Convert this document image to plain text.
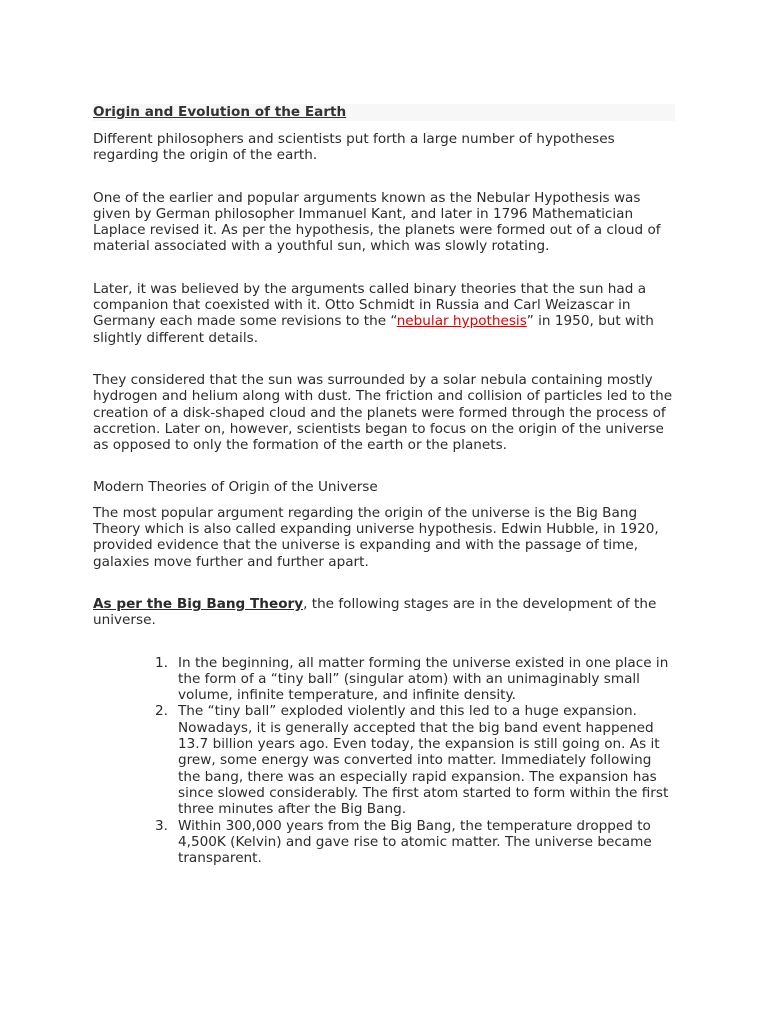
Origin and Evolution of the Earth

Different philosophers and scientists put forth a large number of hypotheses regarding the origin of the earth.

One of the earlier and popular arguments known as the Nebular Hypothesis was given by German philosopher Immanuel Kant, and later in 1796 Mathematician Laplace revised it. As per the hypothesis, the planets were formed out of a cloud of material associated with a youthful sun, which was slowly rotating.

Later, it was believed by the arguments called binary theories that the sun had a companion that coexisted with it. Otto Schmidt in Russia and Carl Weizascar in Germany each made some revisions to the “nebular hypothesis” in 1950, but with slightly different details.

They considered that the sun was surrounded by a solar nebula containing mostly hydrogen and helium along with dust. The friction and collision of particles led to the creation of a disk-shaped cloud and the planets were formed through the process of accretion. Later on, however, scientists began to focus on the origin of the universe as opposed to only the formation of the earth or the planets.

Modern Theories of Origin of the Universe

The most popular argument regarding the origin of the universe is the Big Bang Theory which is also called expanding universe hypothesis. Edwin Hubble, in 1920, provided evidence that the universe is expanding and with the passage of time, galaxies move further and further apart.

As per the Big Bang Theory, the following stages are in the development of the universe.

1. In the beginning, all matter forming the universe existed in one place in the form of a “tiny ball” (singular atom) with an unimaginably small volume, infinite temperature, and infinite density.
2. The “tiny ball” exploded violently and this led to a huge expansion. Nowadays, it is generally accepted that the big band event happened 13.7 billion years ago. Even today, the expansion is still going on. As it grew, some energy was converted into matter. Immediately following the bang, there was an especially rapid expansion. The expansion has since slowed considerably. The first atom started to form within the first three minutes after the Big Bang.
3. Within 300,000 years from the Big Bang, the temperature dropped to 4,500K (Kelvin) and gave rise to atomic matter. The universe became transparent.
